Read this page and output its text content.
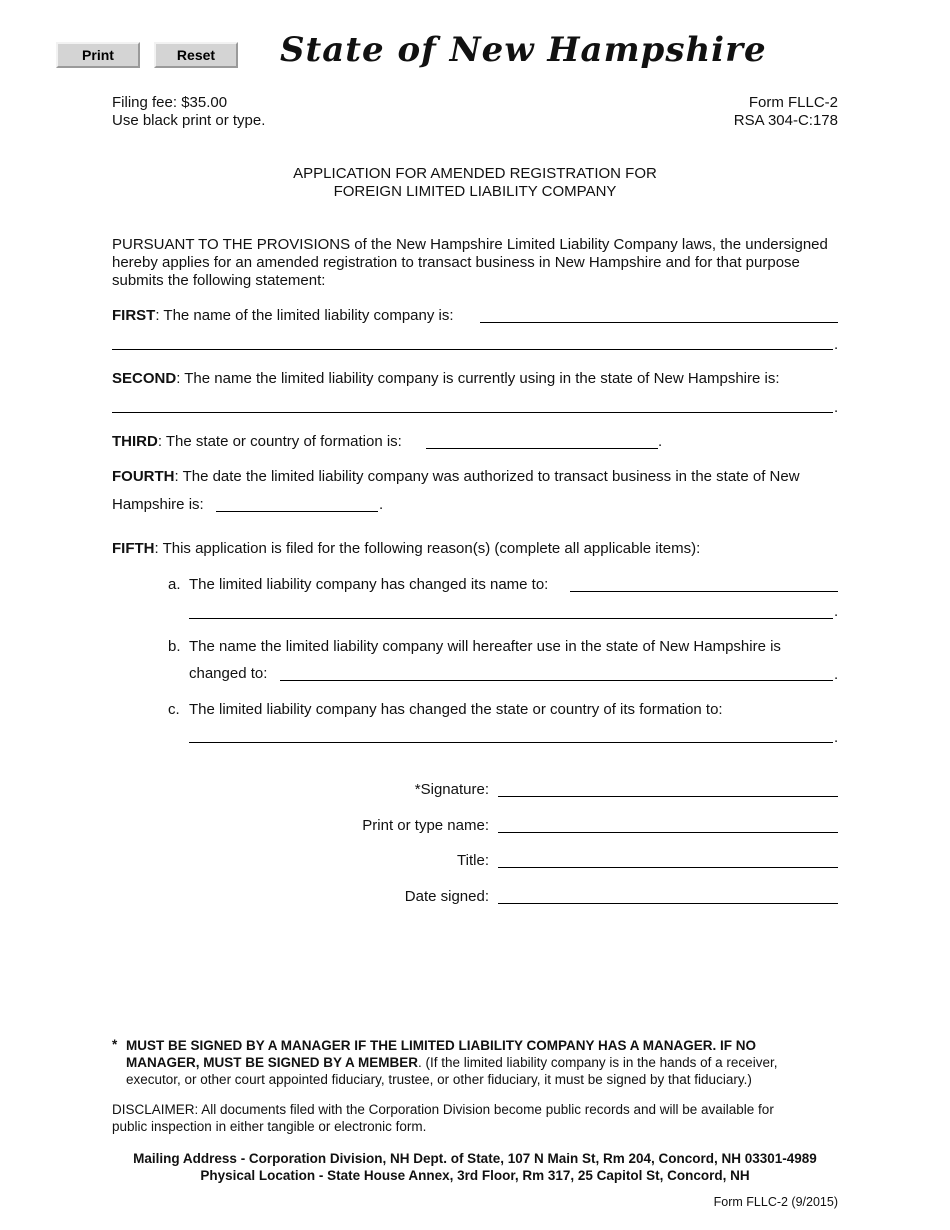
Print	Reset	State of New Hampshire
Filing fee: $35.00
Use black print or type.
Form FLLC-2
RSA 304-C:178
APPLICATION FOR AMENDED REGISTRATION FOR
FOREIGN LIMITED LIABILITY COMPANY
PURSUANT TO THE PROVISIONS of the New Hampshire Limited Liability Company laws, the undersigned hereby applies for an amended registration to transact business in New Hampshire and for that purpose submits the following statement:
FIRST: The name of the limited liability company is:
.
SECOND: The name the limited liability company is currently using in the state of New Hampshire is:
.
THIRD: The state or country of formation is:	.
FOURTH: The date the limited liability company was authorized to transact business in the state of New
Hampshire is:	.
FIFTH: This application is filed for the following reason(s) (complete all applicable items):
a. The limited liability company has changed its name to:
.
b. The name the limited liability company will hereafter use in the state of New Hampshire is
changed to:	.
c. The limited liability company has changed the state or country of its formation to:
.
*Signature:
Print or type name:
Title:
Date signed:
* MUST BE SIGNED BY A MANAGER IF THE LIMITED LIABILITY COMPANY HAS A MANAGER. IF NO
MANAGER, MUST BE SIGNED BY A MEMBER. (If the limited liability company is in the hands of a receiver,
executor, or other court appointed fiduciary, trustee, or other fiduciary, it must be signed by that fiduciary.)
DISCLAIMER: All documents filed with the Corporation Division become public records and will be available for
public inspection in either tangible or electronic form.
Mailing Address - Corporation Division, NH Dept. of State, 107 N Main St, Rm 204, Concord, NH 03301-4989
Physical Location - State House Annex, 3rd Floor, Rm 317, 25 Capitol St, Concord, NH
Form FLLC-2 (9/2015)
